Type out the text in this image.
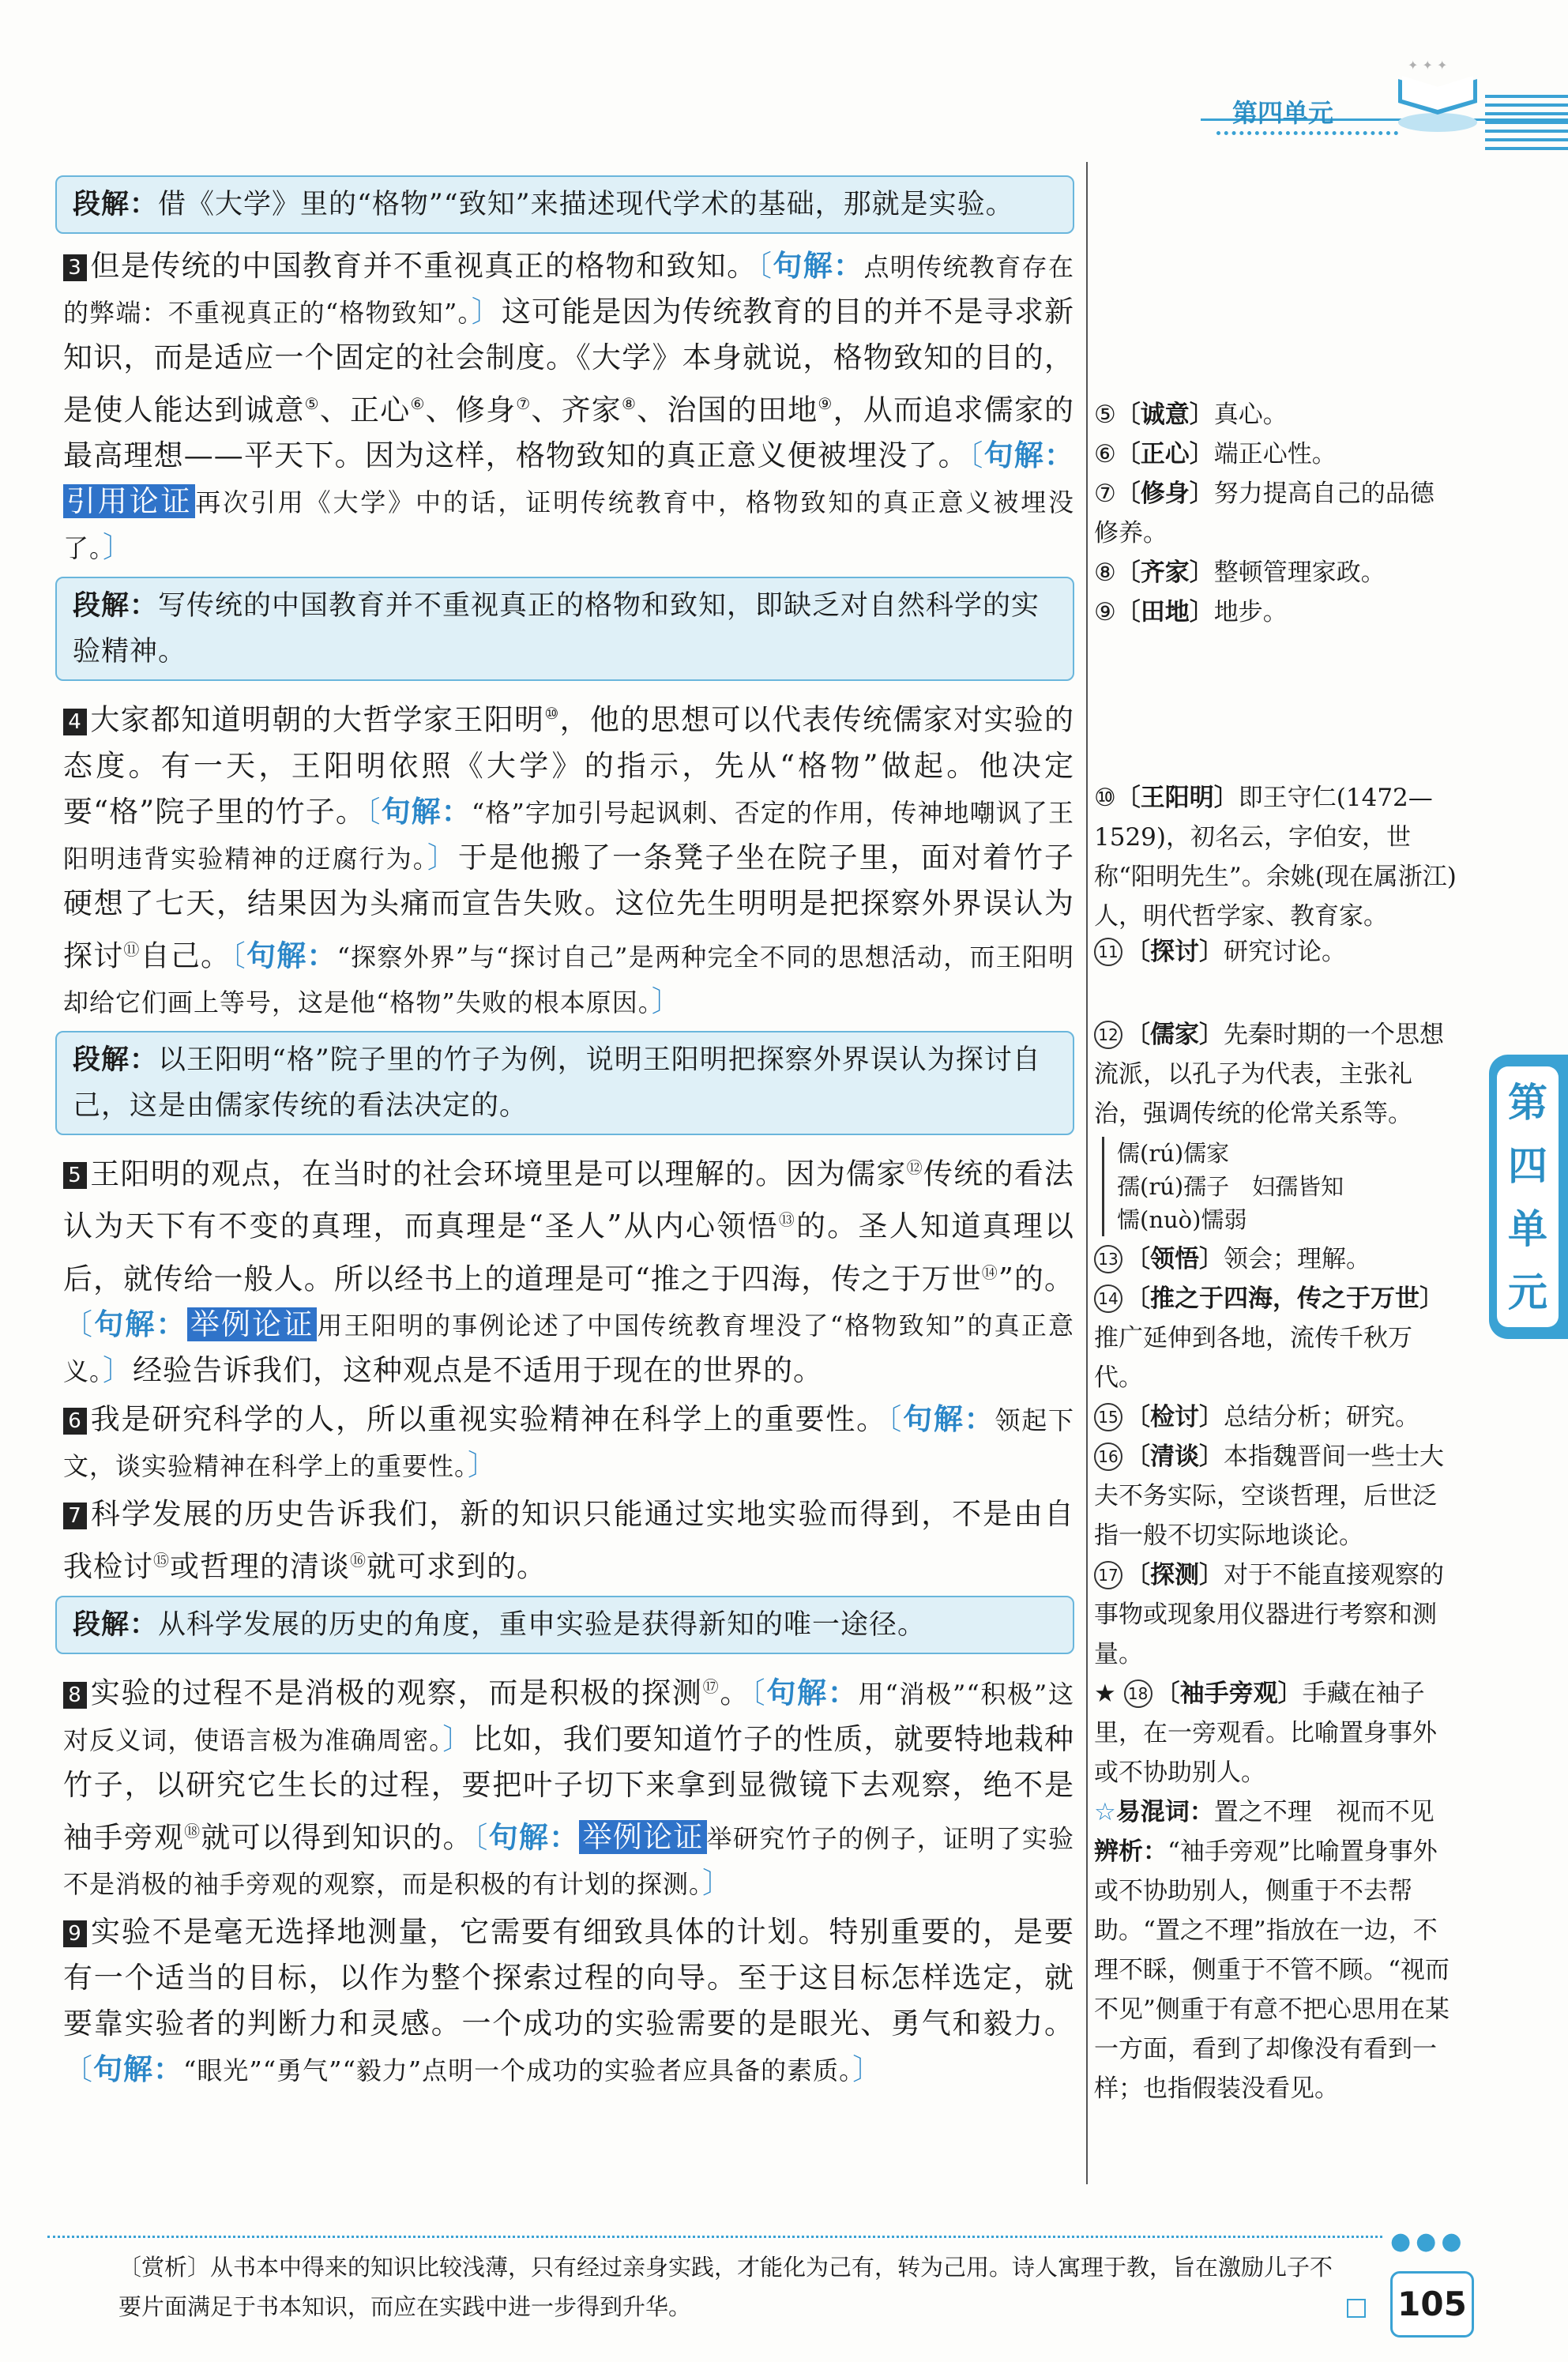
第四单元
✦ ✦ ✦
段解：借《大学》里的“格物”“致知”来描述现代学术的基础，那就是实验。

3 但是传统的中国教育并不重视真正的格物和致知。〔句解：点明传统教育存在的弊端：不重视真正的“格物致知”。〕这可能是因为传统教育的目的并不是寻求新知识，而是适应一个固定的社会制度。《大学》本身就说，格物致知的目的，是使人能达到诚意⑤、正心⑥、修身⑦、齐家⑧、治国的田地⑨，从而追求儒家的最高理想——平天下。因为这样，格物致知的真正意义便被埋没了。〔句解：引用论证 再次引用《大学》中的话，证明传统教育中，格物致知的真正意义被埋没了。〕

段解：写传统的中国教育并不重视真正的格物和致知，即缺乏对自然科学的实验精神。

4 大家都知道明朝的大哲学家王阳明⑩，他的思想可以代表传统儒家对实验的态度。有一天，王阳明依照《大学》的指示，先从“格物”做起。他决定要“格”院子里的竹子。〔句解：“格”字加引号起讽刺、否定的作用，传神地嘲讽了王阳明违背实验精神的迂腐行为。〕于是他搬了一条凳子坐在院子里，面对着竹子硬想了七天，结果因为头痛而宣告失败。这位先生明明是把探察外界误认为探讨⑪自己。〔句解：“探察外界”与“探讨自己”是两种完全不同的思想活动，而王阳明却给它们画上等号，这是他“格物”失败的根本原因。〕

段解：以王阳明“格”院子里的竹子为例，说明王阳明把探察外界误认为探讨自己，这是由儒家传统的看法决定的。

5 王阳明的观点，在当时的社会环境里是可以理解的。因为儒家⑫传统的看法认为天下有不变的真理，而真理是“圣人”从内心领悟⑬的。圣人知道真理以后，就传给一般人。所以经书上的道理是可“推之于四海，传之于万世⑭”的。〔句解： 举例论证 用王阳明的事例论述了中国传统教育埋没了“格物致知”的真正意义。〕经验告诉我们，这种观点是不适用于现在的世界的。

6 我是研究科学的人，所以重视实验精神在科学上的重要性。〔句解：领起下文，谈实验精神在科学上的重要性。〕

7 科学发展的历史告诉我们，新的知识只能通过实地实验而得到，不是由自我检讨⑮或哲理的清谈⑯就可求到的。

段解：从科学发展的历史的角度，重申实验是获得新知的唯一途径。

8 实验的过程不是消极的观察，而是积极的探测⑰。〔句解：用“消极”“积极”这对反义词，使语言极为准确周密。〕比如，我们要知道竹子的性质，就要特地栽种竹子，以研究它生长的过程，要把叶子切下来拿到显微镜下去观察，绝不是袖手旁观⑱就可以得到知识的。〔句解： 举例论证 举研究竹子的例子，证明了实验不是消极的袖手旁观的观察，而是积极的有计划的探测。〕

9 实验不是毫无选择地测量，它需要有细致具体的计划。特别重要的，是要有一个适当的目标，以作为整个探索过程的向导。至于这目标怎样选定，就要靠实验者的判断力和灵感。一个成功的实验需要的是眼光、勇气和毅力。〔句解：“眼光”“勇气”“毅力”点明一个成功的实验者应具备的素质。〕

⑤〔诚意〕真心。
⑥〔正心〕端正心性。
⑦〔修身〕努力提高自己的品德修养。
⑧〔齐家〕整顿管理家政。
⑨〔田地〕地步。
⑩〔王阳明〕即王守仁(1472—1529)，初名云，字伯安，世称“阳明先生”。余姚(现在属浙江)人，明代哲学家、教育家。
11 〔探讨〕研究讨论。
12 〔儒家〕先秦时期的一个思想流派，以孔子为代表，主张礼治，强调传统的伦常关系等。
儒(rú)儒家
孺(rú)孺子　妇孺皆知
懦(nuò)懦弱
13 〔领悟〕领会；理解。
14 〔推之于四海，传之于万世〕推广延伸到各地，流传千秋万代。
15 〔检讨〕总结分析；研究。
16 〔清谈〕本指魏晋间一些士大夫不务实际，空谈哲理，后世泛指一般不切实际地谈论。
17 〔探测〕对于不能直接观察的事物或现象用仪器进行考察和测量。
★ 18 〔袖手旁观〕手藏在袖子里，在一旁观看。比喻置身事外或不协助别人。
☆易混词：置之不理　视而不见
辨析：“袖手旁观”比喻置身事外或不协助别人，侧重于不去帮助。“置之不理”指放在一边，不理不睬，侧重于不管不顾。“视而不见”侧重于有意不把心思用在某一方面，看到了却像没有看到一样；也指假装没看见。
第
四
单
元
●●●
〔赏析〕从书本中得来的知识比较浅薄，只有经过亲身实践，才能化为己有，转为己用。诗人寓理于教，旨在激励儿子不要片面满足于书本知识，而应在实践中进一步得到升华。	105
